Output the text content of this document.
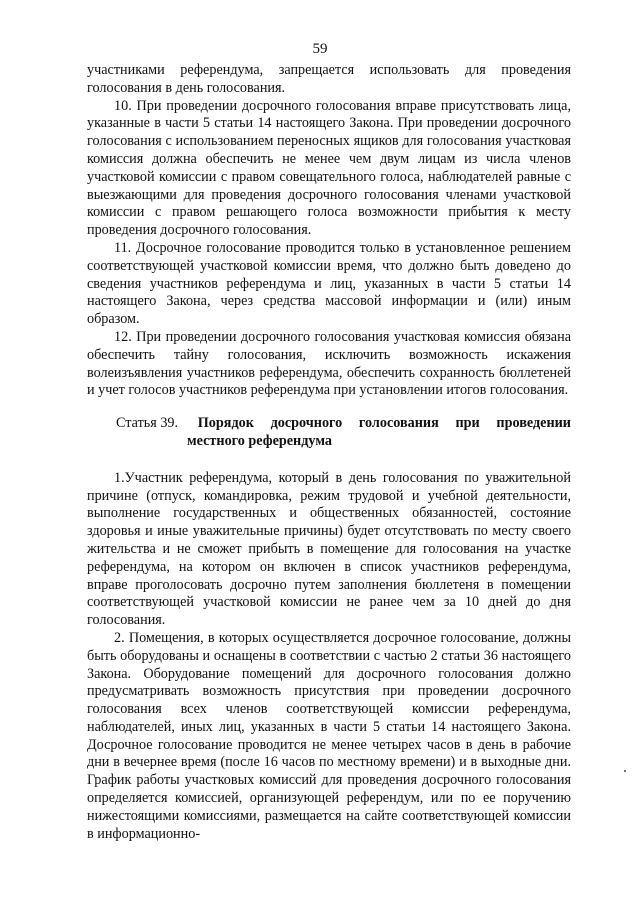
59

участниками референдума, запрещается использовать для проведения голосования в день голосования.

10. При проведении досрочного голосования вправе присутствовать лица, указанные в части 5 статьи 14 настоящего Закона. При проведении досрочного голосования с использованием переносных ящиков для голосования участковая комиссия должна обеспечить не менее чем двум лицам из числа членов участковой комиссии с правом совещательного голоса, наблюдателей равные с выезжающими для проведения досрочного голосования членами участковой комиссии с правом решающего голоса возможности прибытия к месту проведения досрочного голосования.

11. Досрочное голосование проводится только в установленное решением соответствующей участковой комиссии время, что должно быть доведено до сведения участников референдума и лиц, указанных в части 5 статьи 14 настоящего Закона, через средства массовой информации и (или) иным образом.

12. При проведении досрочного голосования участковая комиссия обязана обеспечить тайну голосования, исключить возможность искажения волеизъявления участников референдума, обеспечить сохранность бюллетеней и учет голосов участников референдума при установлении итогов голосования.

Статья 39. Порядок досрочного голосования при проведении
местного референдума

1.Участник референдума, который в день голосования по уважительной причине (отпуск, командировка, режим трудовой и учебной деятельности, выполнение государственных и общественных обязанностей, состояние здоровья и иные уважительные причины) будет отсутствовать по месту своего жительства и не сможет прибыть в помещение для голосования на участке референдума, на котором он включен в список участников референдума, вправе проголосовать досрочно путем заполнения бюллетеня в помещении соответствующей участковой комиссии не ранее чем за 10 дней до дня голосования.

2. Помещения, в которых осуществляется досрочное голосование, должны быть оборудованы и оснащены в соответствии с частью 2 статьи 36 настоящего Закона. Оборудование помещений для досрочного голосования должно предусматривать возможность присутствия при проведении досрочного голосования всех членов соответствующей комиссии референдума, наблюдателей, иных лиц, указанных в части 5 статьи 14 настоящего Закона. Досрочное голосование проводится не менее четырех часов в день в рабочие дни в вечернее время (после 16 часов по местному времени) и в выходные дни. График работы участковых комиссий для проведения досрочного голосования определяется комиссией, организующей референдум, или по ее поручению нижестоящими комиссиями, размещается на сайте соответствующей комиссии в информационно-
